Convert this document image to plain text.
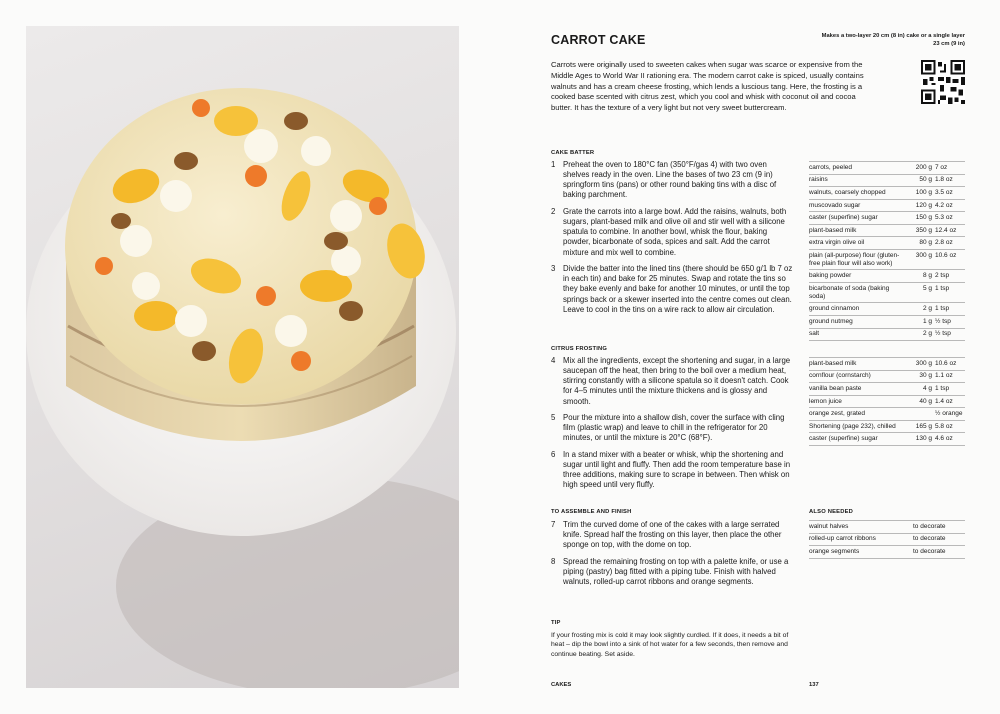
CARROT CAKE	Makes a two-layer 20 cm (8 in) cake or a single layer 23 cm (9 in)
Carrots were originally used to sweeten cakes when sugar was scarce or expensive from the Middle Ages to World War II rationing era. The modern carrot cake is spiced, usually contains walnuts and has a cream cheese frosting, which lends a luscious tang. Here, the frosting is a cooked base scented with citrus zest, which you cool and whisk with coconut oil and cocoa butter. It has the texture of a very light but not very sweet buttercream.
CAKE BATTER
1 Preheat the oven to 180°C fan (350°F/gas 4) with two oven shelves ready in the oven. Line the bases of two 23 cm (9 in) springform tins (pans) or other round baking tins with a disc of baking parchment.
2 Grate the carrots into a large bowl. Add the raisins, walnuts, both sugars, plant-based milk and olive oil and stir well with a silicone spatula to combine. In another bowl, whisk the flour, baking powder, bicarbonate of soda, spices and salt. Add the carrot mixture and mix well to combine.
3 Divide the batter into the lined tins (there should be 650 g/1 lb 7 oz in each tin) and bake for 25 minutes. Swap and rotate the tins so they bake evenly and bake for another 10 minutes, or until the top springs back or a skewer inserted into the centre comes out clean. Leave to cool in the tins on a wire rack to allow air circulation.
carrots, peeled	200 g	7 oz
raisins	50 g	1.8 oz
walnuts, coarsely chopped	100 g	3.5 oz
muscovado sugar	120 g	4.2 oz
caster (superfine) sugar	150 g	5.3 oz
plant-based milk	350 g	12.4 oz
extra virgin olive oil	80 g	2.8 oz
plain (all-purpose) flour (gluten-free plain flour will also work)	300 g	10.6 oz
baking powder	8 g	2 tsp
bicarbonate of soda (baking soda)	5 g	1 tsp
ground cinnamon	2 g	1 tsp
ground nutmeg	1 g	½ tsp
salt	2 g	½ tsp
CITRUS FROSTING
4 Mix all the ingredients, except the shortening and sugar, in a large saucepan off the heat, then bring to the boil over a medium heat, stirring constantly with a silicone spatula so it doesn't catch. Cook for 4–5 minutes until the mixture thickens and is glossy and smooth.
5 Pour the mixture into a shallow dish, cover the surface with cling film (plastic wrap) and leave to chill in the refrigerator for 20 minutes, or until the mixture is 20°C (68°F).
6 In a stand mixer with a beater or whisk, whip the shortening and sugar until light and fluffy. Then add the room temperature base in three additions, making sure to scrape in between. Then whisk on high speed until very fluffy.
plant-based milk	300 g	10.6 oz
cornflour (cornstarch)	30 g	1.1 oz
vanilla bean paste	4 g	1 tsp
lemon juice	40 g	1.4 oz
orange zest, grated		½ orange
Shortening (page 232), chilled	165 g	5.8 oz
caster (superfine) sugar	130 g	4.6 oz
TO ASSEMBLE AND FINISH
7 Trim the curved dome of one of the cakes with a large serrated knife. Spread half the frosting on this layer, then place the other sponge on top, with the dome on top.
8 Spread the remaining frosting on top with a palette knife, or use a piping (pastry) bag fitted with a piping tube. Finish with halved walnuts, rolled-up carrot ribbons and orange segments.
ALSO NEEDED
walnut halves	to decorate
rolled-up carrot ribbons	to decorate
orange segments	to decorate
TIP
If your frosting mix is cold it may look slightly curdled. If it does, it needs a bit of heat – dip the bowl into a sink of hot water for a few seconds, then remove and continue beating. Set aside.
CAKES	137
